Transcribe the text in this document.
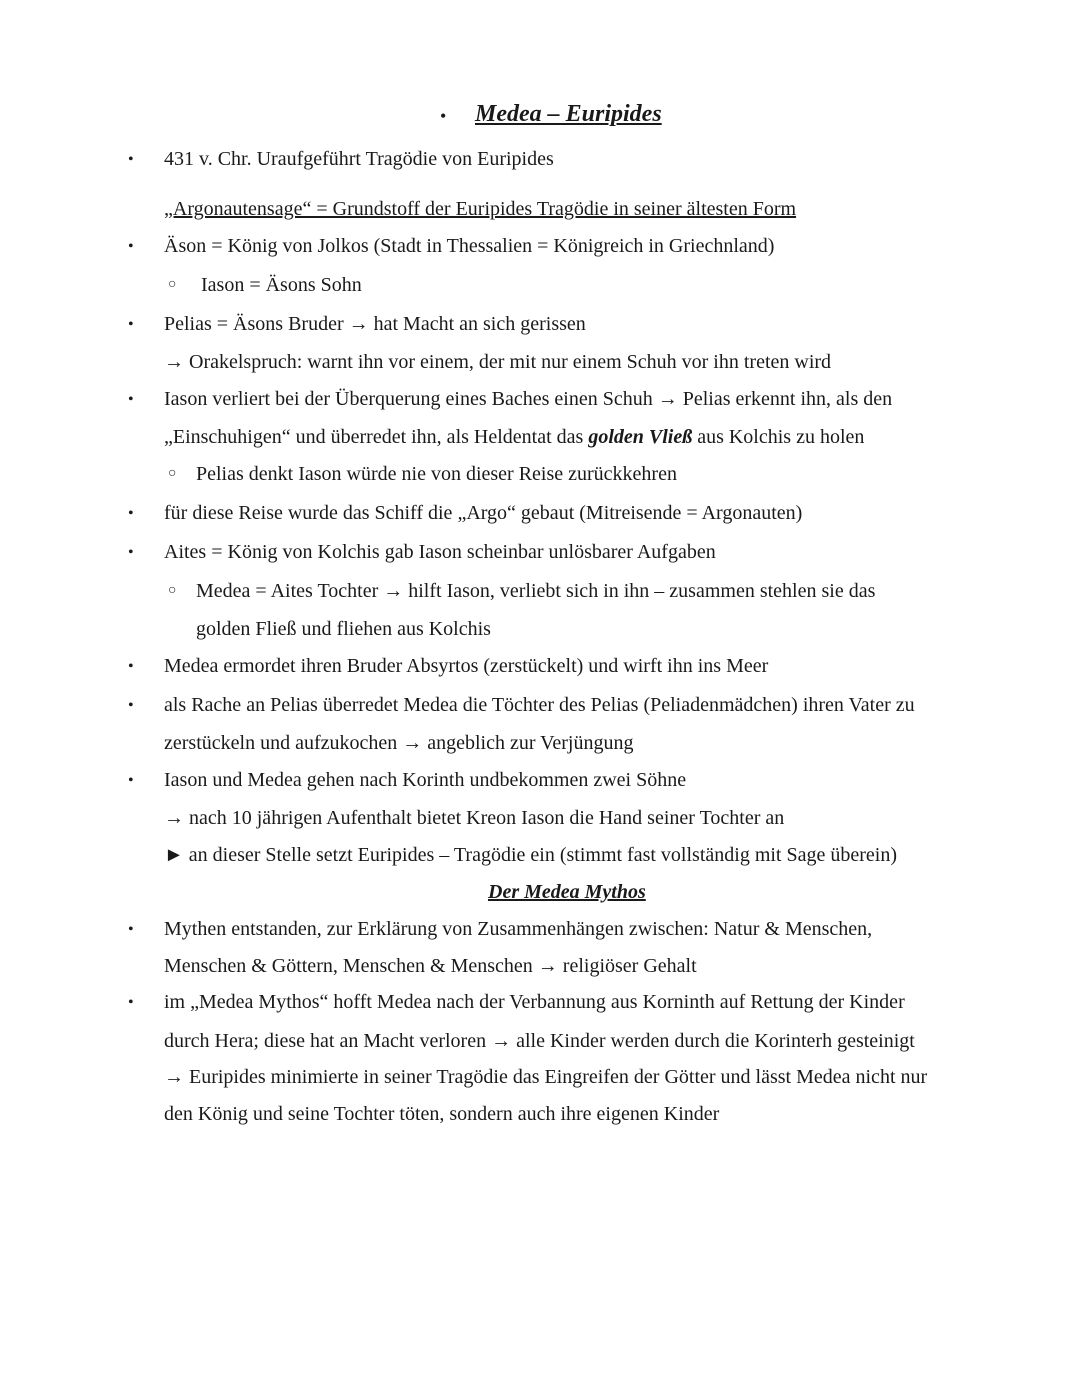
• Medea – Euripides
• 431 v. Chr. Uraufgeführt Tragödie von Euripides
„Argonautensage“ = Grundstoff der Euripides Tragödie in seiner ältesten Form
• Äson = König von Jolkos (Stadt in Thessalien = Königreich in Griechnland)
○ Iason = Äsons Sohn
• Pelias = Äsons Bruder → hat Macht an sich gerissen
→ Orakelspruch: warnt ihn vor einem, der mit nur einem Schuh vor ihn treten wird
• Iason verliert bei der Überquerung eines Baches einen Schuh → Pelias erkennt ihn, als den
„Einschuhigen“ und überredet ihn, als Heldentat das golden Vließ aus Kolchis zu holen
○ Pelias denkt Iason würde nie von dieser Reise zurückkehren
• für diese Reise wurde das Schiff die „Argo“ gebaut (Mitreisende = Argonauten)
• Aites = König von Kolchis gab Iason scheinbar unlösbarer Aufgaben
○ Medea = Aites Tochter → hilft Iason, verliebt sich in ihn – zusammen stehlen sie das
golden Fließ und fliehen aus Kolchis
• Medea ermordet ihren Bruder Absyrtos (zerstückelt) und wirft ihn ins Meer
• als Rache an Pelias überredet Medea die Töchter des Pelias (Peliadenmädchen) ihren Vater zu
zerstückeln und aufzukochen → angeblich zur Verjüngung
• Iason und Medea gehen nach Korinth undbekommen zwei Söhne
→ nach 10 jährigen Aufenthalt bietet Kreon Iason die Hand seiner Tochter an
► an dieser Stelle setzt Euripides – Tragödie ein (stimmt fast vollständig mit Sage überein)
Der Medea Mythos
• Mythen entstanden, zur Erklärung von Zusammenhängen zwischen: Natur & Menschen,
Menschen & Göttern, Menschen & Menschen → religiöser Gehalt
• im „Medea Mythos“ hofft Medea nach der Verbannung aus Korninth auf Rettung der Kinder
durch Hera; diese hat an Macht verloren → alle Kinder werden durch die Korinterh gesteinigt
→ Euripides minimierte in seiner Tragödie das Eingreifen der Götter und lässt Medea nicht nur
den König und seine Tochter töten, sondern auch ihre eigenen Kinder
